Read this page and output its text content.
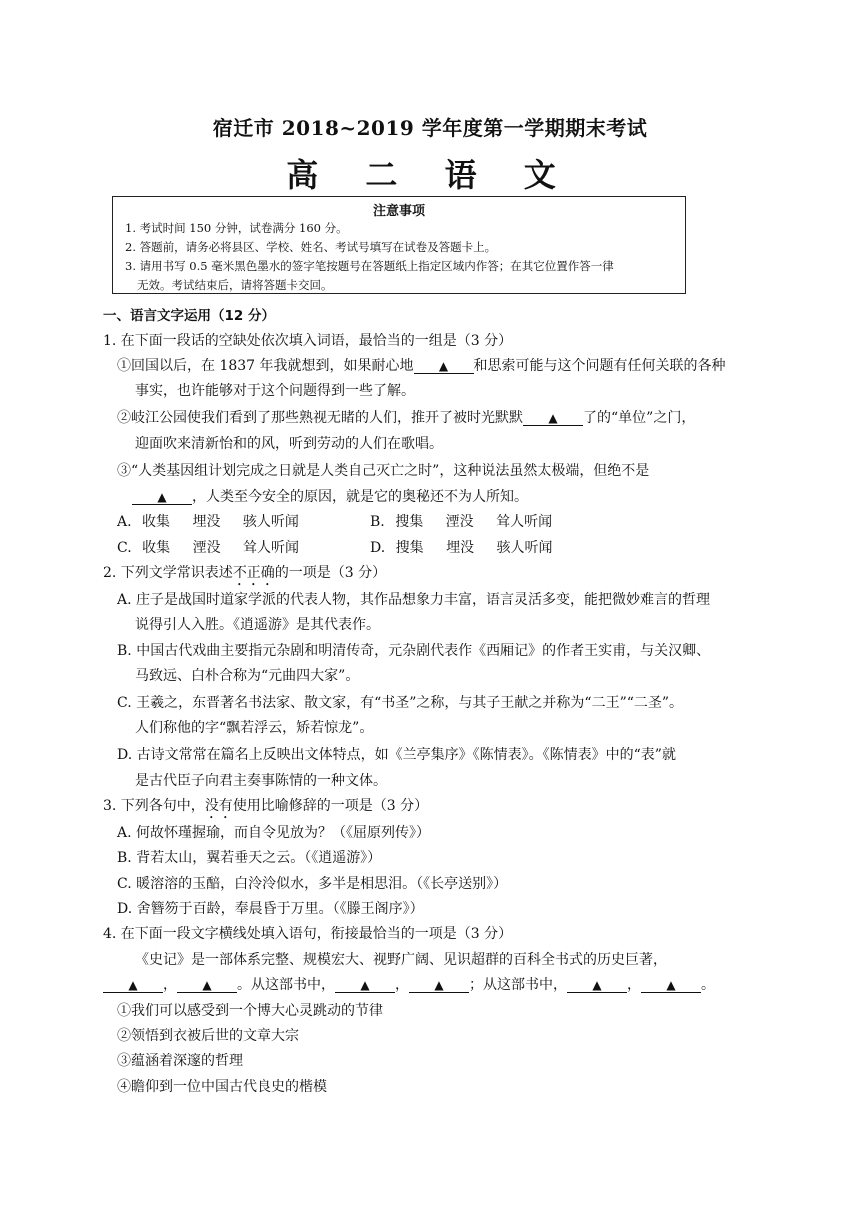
宿迁市 2018~2019 学年度第一学期期末考试
高 二 语 文
注意事项
1. 考试时间 150 分钟，试卷满分 160 分。
2. 答题前，请务必将县区、学校、姓名、考试号填写在试卷及答题卡上。
3. 请用书写 0.5 毫米黑色墨水的签字笔按题号在答题纸上指定区域内作答；在其它位置作答一律
无效。考试结束后，请将答题卡交回。
一、语言文字运用（12 分）
1. 在下面一段话的空缺处依次填入词语，最恰当的一组是（3 分）
①回国以后，在 1837 年我就想到，如果耐心地 ▲ 和思索可能与这个问题有任何关联的各种
事实，也许能够对于这个问题得到一些了解。
②岐江公园使我们看到了那些熟视无睹的人们，推开了被时光默默 ▲ 了的“单位”之门，
迎面吹来清新怡和的风，听到劳动的人们在歌唱。
③“人类基因组计划完成之日就是人类自己灭亡之时”，这种说法虽然太极端，但绝不是
▲ ，人类至今安全的原因，就是它的奥秘还不为人所知。
A. 收集 埋没 骇人听闻	B. 搜集 湮没 耸人听闻
C. 收集 湮没 耸人听闻	D. 搜集 埋没 骇人听闻
2. 下列文学常识表述不正确的一项是（3 分）
A. 庄子是战国时道家学派的代表人物，其作品想象力丰富，语言灵活多变，能把微妙难言的哲理
说得引人入胜。《逍遥游》是其代表作。
B. 中国古代戏曲主要指元杂剧和明清传奇，元杂剧代表作《西厢记》的作者王实甫，与关汉卿、
马致远、白朴合称为“元曲四大家”。
C. 王羲之，东晋著名书法家、散文家，有“书圣”之称，与其子王献之并称为“二王”“二圣”。
人们称他的字“飘若浮云，矫若惊龙”。
D. 古诗文常常在篇名上反映出文体特点，如《兰亭集序》《陈情表》。《陈情表》中的“表”就
是古代臣子向君主奏事陈情的一种文体。
3. 下列各句中，没有使用比喻修辞的一项是（3 分）
A. 何故怀瑾握瑜，而自令见放为？（《屈原列传》）
B. 背若太山，翼若垂天之云。（《逍遥游》）
C. 暖溶溶的玉醅，白泠泠似水，多半是相思泪。（《长亭送别》）
D. 舍簪笏于百龄，奉晨昏于万里。（《滕王阁序》）
4. 在下面一段文字横线处填入语句，衔接最恰当的一项是（3 分）
《史记》是一部体系完整、规模宏大、视野广阔、见识超群的百科全书式的历史巨著，
▲ ， ▲ 。从这部书中， ▲ ， ▲ ；从这部书中， ▲ ， ▲ 。
①我们可以感受到一个博大心灵跳动的节律
②领悟到衣被后世的文章大宗
③蕴涵着深邃的哲理
④瞻仰到一位中国古代良史的楷模
